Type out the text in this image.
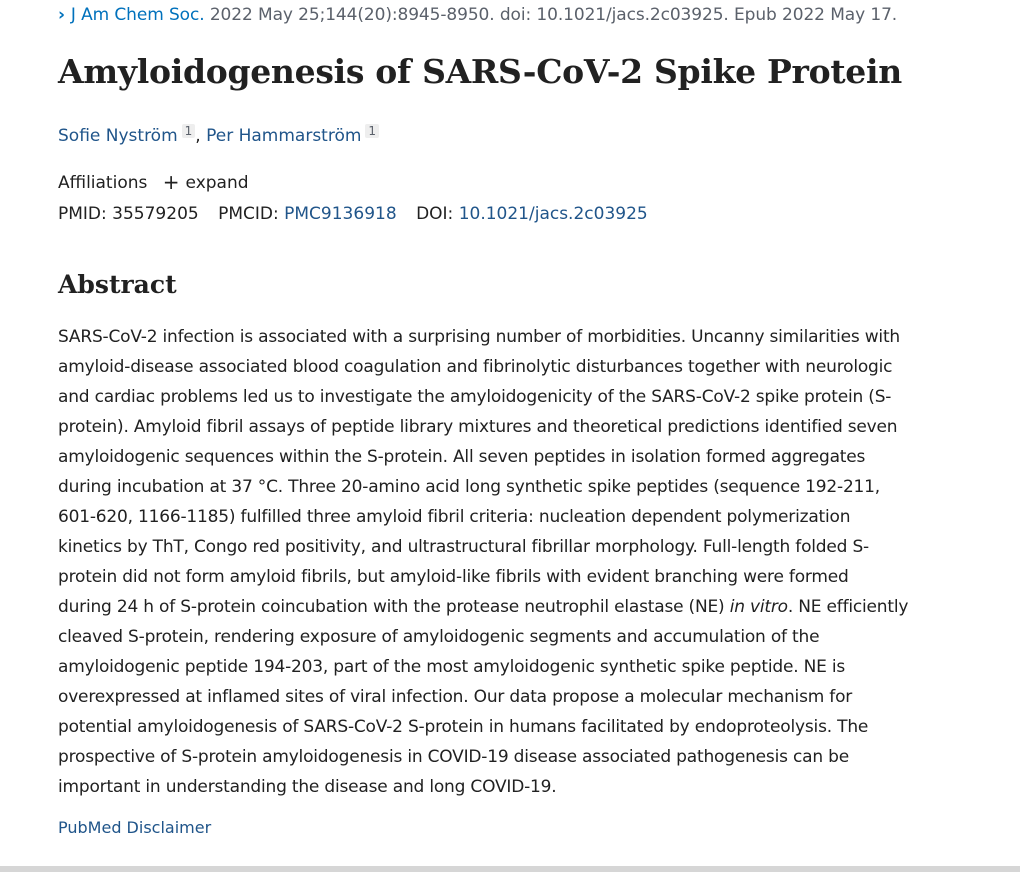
› J Am Chem Soc. 2022 May 25;144(20):8945-8950. doi: 10.1021/jacs.2c03925. Epub 2022 May 17.
Amyloidogenesis of SARS-CoV-2 Spike Protein
Sofie Nyström 1 , Per Hammarström 1
Affiliations + expand
PMID: 35579205 PMCID: PMC9136918 DOI: 10.1021/jacs.2c03925
Abstract
SARS-CoV-2 infection is associated with a surprising number of morbidities. Uncanny similarities with
amyloid-disease associated blood coagulation and fibrinolytic disturbances together with neurologic
and cardiac problems led us to investigate the amyloidogenicity of the SARS-CoV-2 spike protein (S-
protein). Amyloid fibril assays of peptide library mixtures and theoretical predictions identified seven
amyloidogenic sequences within the S-protein. All seven peptides in isolation formed aggregates
during incubation at 37 °C. Three 20-amino acid long synthetic spike peptides (sequence 192-211,
601-620, 1166-1185) fulfilled three amyloid fibril criteria: nucleation dependent polymerization
kinetics by ThT, Congo red positivity, and ultrastructural fibrillar morphology. Full-length folded S-
protein did not form amyloid fibrils, but amyloid-like fibrils with evident branching were formed
during 24 h of S-protein coincubation with the protease neutrophil elastase (NE) in vitro. NE efficiently
cleaved S-protein, rendering exposure of amyloidogenic segments and accumulation of the
amyloidogenic peptide 194-203, part of the most amyloidogenic synthetic spike peptide. NE is
overexpressed at inflamed sites of viral infection. Our data propose a molecular mechanism for
potential amyloidogenesis of SARS-CoV-2 S-protein in humans facilitated by endoproteolysis. The
prospective of S-protein amyloidogenesis in COVID-19 disease associated pathogenesis can be
important in understanding the disease and long COVID-19.
PubMed Disclaimer
